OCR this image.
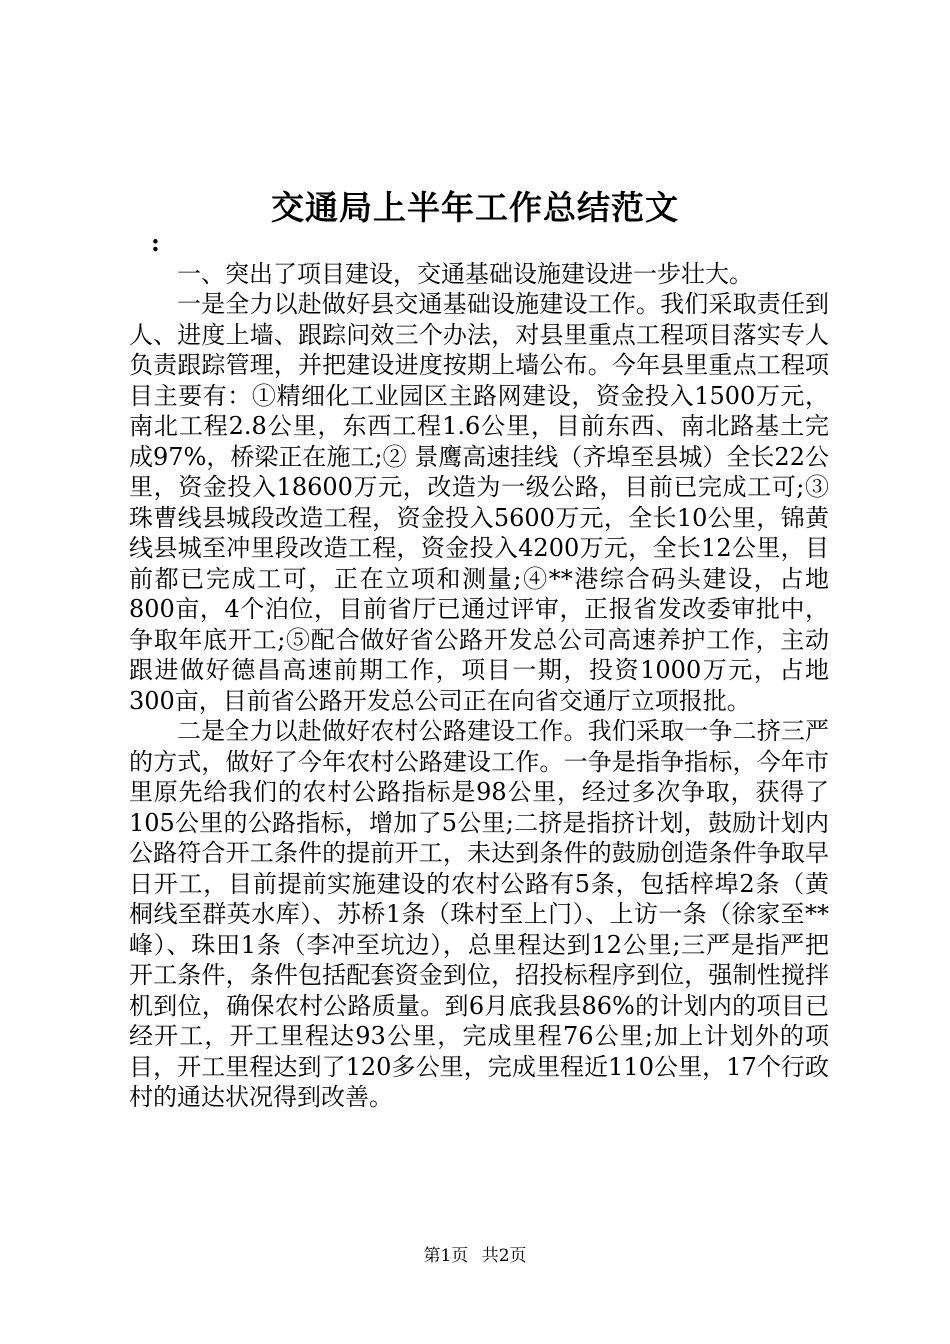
交通局上半年工作总结范文

:

一、突出了项目建设，交通基础设施建设进一步壮大。

一是全力以赴做好县交通基础设施建设工作。我们采取责任到人、进度上墙、跟踪问效三个办法，对县里重点工程项目落实专人负责跟踪管理，并把建设进度按期上墙公布。今年县里重点工程项目主要有：①精细化工业园区主路网建设，资金投入1500万元，南北工程2.8公里，东西工程1.6公里，目前东西、南北路基土完成97%，桥梁正在施工;② 景鹰高速挂线（齐埠至县城）全长22公里，资金投入18600万元，改造为一级公路，目前已完成工可;③ 珠曹线县城段改造工程，资金投入5600万元，全长10公里，锦黄线县城至冲里段改造工程，资金投入4200万元，全长12公里，目前都已完成工可，正在立项和测量;④**港综合码头建设，占地800亩，4个泊位，目前省厅已通过评审，正报省发改委审批中，争取年底开工;⑤配合做好省公路开发总公司高速养护工作，主动跟进做好德昌高速前期工作，项目一期，投资1000万元，占地300亩，目前省公路开发总公司正在向省交通厅立项报批。

二是全力以赴做好农村公路建设工作。我们采取一争二挤三严的方式，做好了今年农村公路建设工作。一争是指争指标，今年市里原先给我们的农村公路指标是98公里，经过多次争取，获得了105公里的公路指标，增加了5公里;二挤是指挤计划，鼓励计划内公路符合开工条件的提前开工，未达到条件的鼓励创造条件争取早日开工，目前提前实施建设的农村公路有5条，包括梓埠2条（黄桐线至群英水库）、苏桥1条（珠村至上门）、上访一条（徐家至**峰）、珠田1条（李冲至坑边），总里程达到12公里;三严是指严把开工条件，条件包括配套资金到位，招投标程序到位，强制性搅拌机到位，确保农村公路质量。到6月底我县86%的计划内的项目已经开工，开工里程达93公里，完成里程76公里;加上计划外的项目，开工里程达到了120多公里，完成里程近110公里，17个行政村的通达状况得到改善。

第1页 共2页
